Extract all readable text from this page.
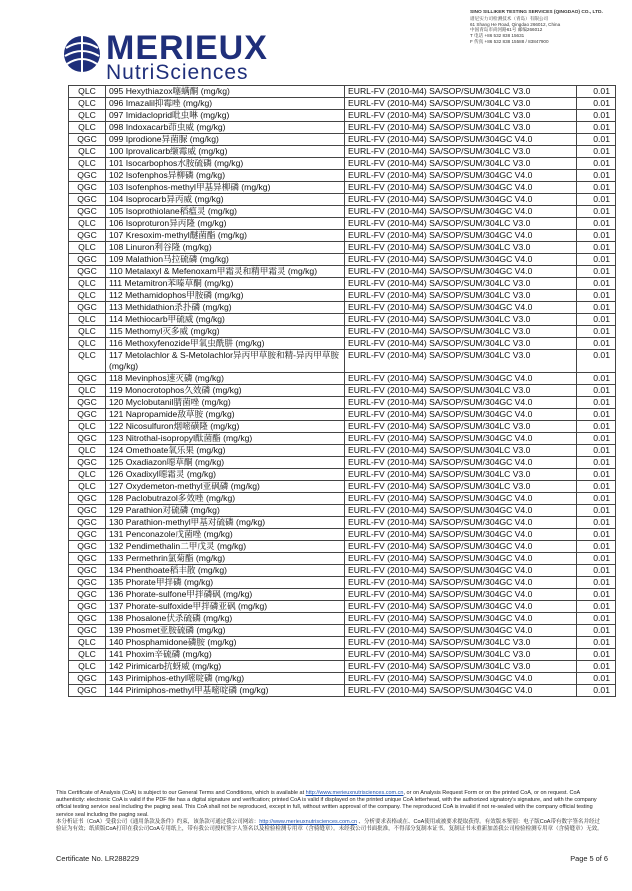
MERIEUX
NutriSciences
SINO SILLIKER TESTING SERVICES (QINGDAO) CO., LTD.
谱尼实力司检测技术（青岛）有限公司
61 Shang He Road, Qingdao 266012, China
中国青岛市尚河路61号 邮编266012
T 电话 +86 532 838 15631
F 传真 +86 532 838 15588 / 83847900
QLC	095 Hexythiazox噻螨酮 (mg/kg)	EURL-FV (2010-M4) SA/SOP/SUM/304LC V3.0	0.01
QLC	096 Imazalil抑霉唑 (mg/kg)	EURL-FV (2010-M4) SA/SOP/SUM/304LC V3.0	0.01
QLC	097 Imidacloprid吡虫啉 (mg/kg)	EURL-FV (2010-M4) SA/SOP/SUM/304LC V3.0	0.01
QLC	098 Indoxacarb茚虫威 (mg/kg)	EURL-FV (2010-M4) SA/SOP/SUM/304LC V3.0	0.01
QGC	099 Iprodione异菌脲 (mg/kg)	EURL-FV (2010-M4) SA/SOP/SUM/304GC V4.0	0.01
QLC	100 Iprovalicarb缬霉威 (mg/kg)	EURL-FV (2010-M4) SA/SOP/SUM/304LC V3.0	0.01
QLC	101 Isocarbophos水胺硫磷 (mg/kg)	EURL-FV (2010-M4) SA/SOP/SUM/304LC V3.0	0.01
QGC	102 Isofenphos异柳磷 (mg/kg)	EURL-FV (2010-M4) SA/SOP/SUM/304GC V4.0	0.01
QGC	103 Isofenphos-methyl甲基异柳磷 (mg/kg)	EURL-FV (2010-M4) SA/SOP/SUM/304GC V4.0	0.01
QGC	104 Isoprocarb异丙威 (mg/kg)	EURL-FV (2010-M4) SA/SOP/SUM/304GC V4.0	0.01
QGC	105 Isoprothiolane稻瘟灵 (mg/kg)	EURL-FV (2010-M4) SA/SOP/SUM/304GC V4.0	0.01
QLC	106 Isoproturon异丙隆 (mg/kg)	EURL-FV (2010-M4) SA/SOP/SUM/304LC V3.0	0.01
QGC	107 Kresoxim-methyl醚菌酯 (mg/kg)	EURL-FV (2010-M4) SA/SOP/SUM/304GC V4.0	0.01
QLC	108 Linuron利谷隆 (mg/kg)	EURL-FV (2010-M4) SA/SOP/SUM/304LC V3.0	0.01
QGC	109 Malathion马拉硫磷 (mg/kg)	EURL-FV (2010-M4) SA/SOP/SUM/304GC V4.0	0.01
QGC	110 Metalaxyl & Mefenoxam甲霜灵和精甲霜灵 (mg/kg)	EURL-FV (2010-M4) SA/SOP/SUM/304GC V4.0	0.01
QLC	111 Metamitron苯嗪草酮 (mg/kg)	EURL-FV (2010-M4) SA/SOP/SUM/304LC V3.0	0.01
QLC	112 Methamidophos甲胺磷 (mg/kg)	EURL-FV (2010-M4) SA/SOP/SUM/304LC V3.0	0.01
QGC	113 Methidathion杀扑磷 (mg/kg)	EURL-FV (2010-M4) SA/SOP/SUM/304GC V4.0	0.01
QLC	114 Methiocarb甲硫威 (mg/kg)	EURL-FV (2010-M4) SA/SOP/SUM/304LC V3.0	0.01
QLC	115 Methomyl灭多威 (mg/kg)	EURL-FV (2010-M4) SA/SOP/SUM/304LC V3.0	0.01
QLC	116 Methoxyfenozide甲氧虫酰肼 (mg/kg)	EURL-FV (2010-M4) SA/SOP/SUM/304LC V3.0	0.01
QLC	117 Metolachlor & S-Metolachlor异丙甲草胺和精-异丙甲草胺 (mg/kg)	EURL-FV (2010-M4) SA/SOP/SUM/304LC V3.0	0.01
QGC	118 Mevinphos速灭磷 (mg/kg)	EURL-FV (2010-M4) SA/SOP/SUM/304GC V4.0	0.01
QLC	119 Monocrotophos久效磷 (mg/kg)	EURL-FV (2010-M4) SA/SOP/SUM/304LC V3.0	0.01
QGC	120 Myclobutanil腈菌唑 (mg/kg)	EURL-FV (2010-M4) SA/SOP/SUM/304GC V4.0	0.01
QGC	121 Napropamide敌草胺 (mg/kg)	EURL-FV (2010-M4) SA/SOP/SUM/304GC V4.0	0.01
QLC	122 Nicosulfuron烟嘧磺隆 (mg/kg)	EURL-FV (2010-M4) SA/SOP/SUM/304LC V3.0	0.01
QGC	123 Nitrothal-isopropyl酞菌酯 (mg/kg)	EURL-FV (2010-M4) SA/SOP/SUM/304GC V4.0	0.01
QLC	124 Omethoate氧乐果 (mg/kg)	EURL-FV (2010-M4) SA/SOP/SUM/304LC V3.0	0.01
QGC	125 Oxadiazon噁草酮 (mg/kg)	EURL-FV (2010-M4) SA/SOP/SUM/304GC V4.0	0.01
QLC	126 Oxadixyl噁霜灵 (mg/kg)	EURL-FV (2010-M4) SA/SOP/SUM/304LC V3.0	0.01
QLC	127 Oxydemeton-methyl亚砜磷 (mg/kg)	EURL-FV (2010-M4) SA/SOP/SUM/304LC V3.0	0.01
QGC	128 Paclobutrazol多效唑 (mg/kg)	EURL-FV (2010-M4) SA/SOP/SUM/304GC V4.0	0.01
QGC	129 Parathion对硫磷 (mg/kg)	EURL-FV (2010-M4) SA/SOP/SUM/304GC V4.0	0.01
QGC	130 Parathion-methyl甲基对硫磷 (mg/kg)	EURL-FV (2010-M4) SA/SOP/SUM/304GC V4.0	0.01
QGC	131 Penconazole戊菌唑 (mg/kg)	EURL-FV (2010-M4) SA/SOP/SUM/304GC V4.0	0.01
QGC	132 Pendimethalin二甲戊灵 (mg/kg)	EURL-FV (2010-M4) SA/SOP/SUM/304GC V4.0	0.01
QGC	133 Permethrin氯菊酯 (mg/kg)	EURL-FV (2010-M4) SA/SOP/SUM/304GC V4.0	0.01
QGC	134 Phenthoate稻丰散 (mg/kg)	EURL-FV (2010-M4) SA/SOP/SUM/304GC V4.0	0.01
QGC	135 Phorate甲拌磷 (mg/kg)	EURL-FV (2010-M4) SA/SOP/SUM/304GC V4.0	0.01
QGC	136 Phorate-sulfone甲拌磷砜 (mg/kg)	EURL-FV (2010-M4) SA/SOP/SUM/304GC V4.0	0.01
QGC	137 Phorate-sulfoxide甲拌磷亚砜 (mg/kg)	EURL-FV (2010-M4) SA/SOP/SUM/304GC V4.0	0.01
QGC	138 Phosalone伏杀硫磷 (mg/kg)	EURL-FV (2010-M4) SA/SOP/SUM/304GC V4.0	0.01
QGC	139 Phosmet亚胺硫磷 (mg/kg)	EURL-FV (2010-M4) SA/SOP/SUM/304GC V4.0	0.01
QLC	140 Phosphamidone磷胺 (mg/kg)	EURL-FV (2010-M4) SA/SOP/SUM/304LC V3.0	0.01
QLC	141 Phoxim辛硫磷 (mg/kg)	EURL-FV (2010-M4) SA/SOP/SUM/304LC V3.0	0.01
QLC	142 Pirimicarb抗蚜威 (mg/kg)	EURL-FV (2010-M4) SA/SOP/SUM/304LC V3.0	0.01
QGC	143 Pirimiphos-ethyl嘧啶磷 (mg/kg)	EURL-FV (2010-M4) SA/SOP/SUM/304GC V4.0	0.01
QGC	144 Pirimiphos-methyl甲基嘧啶磷 (mg/kg)	EURL-FV (2010-M4) SA/SOP/SUM/304GC V4.0	0.01
This Certificate of Analysis (CoA) is subject to our General Terms and Conditions, which is available at http://www.merieuxnutrisciences.com.cn, or on Analysis Request Form or on the printed CoA, or on request. CoA authenticity: electronic CoA is valid if the PDF file has a digital signature and verification; printed CoA is valid if displayed on the printed unique CoA letterhead, with the authorized signatory's signature, and with the company official testing service seal including the paging seal. This CoA shall not be reproduced, except in full, without written approval of the company. The reproduced CoA is invalid if not re-sealed with the company official testing service seal including the paging seal.
本分析证书（CoA）受我公司《通用条款及条件》约束，该条款可通过我公司网站：http://www.merieuxnutrisciences.com.cn 、分析要求表格或在、CoA使用或被要求提取获得。有效版本鉴别：电子版CoA带有数字签名并经过验证为有效；纸质版CoA打印在我公司CoA专用纸上，带有我公司授权签字人签名以及检验检测专用章（含骑缝章）。未经我公司书面批准，不得部分复制本证书。复制证书未重新加盖我公司检验检测专用章（含骑缝章）无效。
Certificate No. LR288229	Page 5 of 6
